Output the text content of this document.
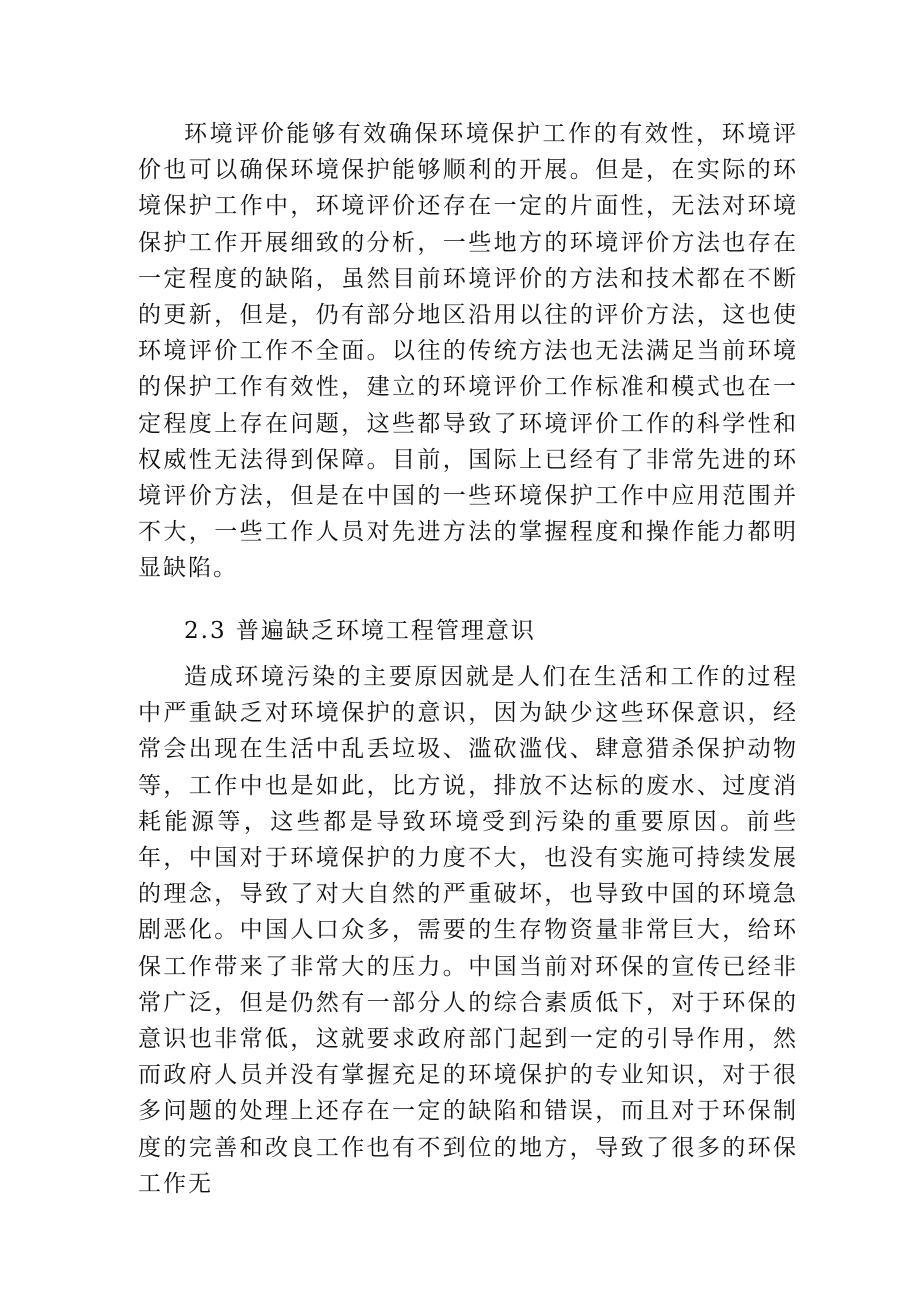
环境评价能够有效确保环境保护工作的有效性，环境评价也可以确保环境保护能够顺利的开展。但是，在实际的环境保护工作中，环境评价还存在一定的片面性，无法对环境保护工作开展细致的分析，一些地方的环境评价方法也存在一定程度的缺陷，虽然目前环境评价的方法和技术都在不断的更新，但是，仍有部分地区沿用以往的评价方法，这也使环境评价工作不全面。以往的传统方法也无法满足当前环境的保护工作有效性，建立的环境评价工作标准和模式也在一定程度上存在问题，这些都导致了环境评价工作的科学性和权威性无法得到保障。目前，国际上已经有了非常先进的环境评价方法，但是在中国的一些环境保护工作中应用范围并不大，一些工作人员对先进方法的掌握程度和操作能力都明显缺陷。

2.3 普遍缺乏环境工程管理意识

造成环境污染的主要原因就是人们在生活和工作的过程中严重缺乏对环境保护的意识，因为缺少这些环保意识，经常会出现在生活中乱丢垃圾、滥砍滥伐、肆意猎杀保护动物等，工作中也是如此，比方说，排放不达标的废水、过度消耗能源等，这些都是导致环境受到污染的重要原因。前些年，中国对于环境保护的力度不大，也没有实施可持续发展的理念，导致了对大自然的严重破坏，也导致中国的环境急剧恶化。中国人口众多，需要的生存物资量非常巨大，给环保工作带来了非常大的压力。中国当前对环保的宣传已经非常广泛，但是仍然有一部分人的综合素质低下，对于环保的意识也非常低，这就要求政府部门起到一定的引导作用，然而政府人员并没有掌握充足的环境保护的专业知识，对于很多问题的处理上还存在一定的缺陷和错误，而且对于环保制度的完善和改良工作也有不到位的地方，导致了很多的环保工作无
